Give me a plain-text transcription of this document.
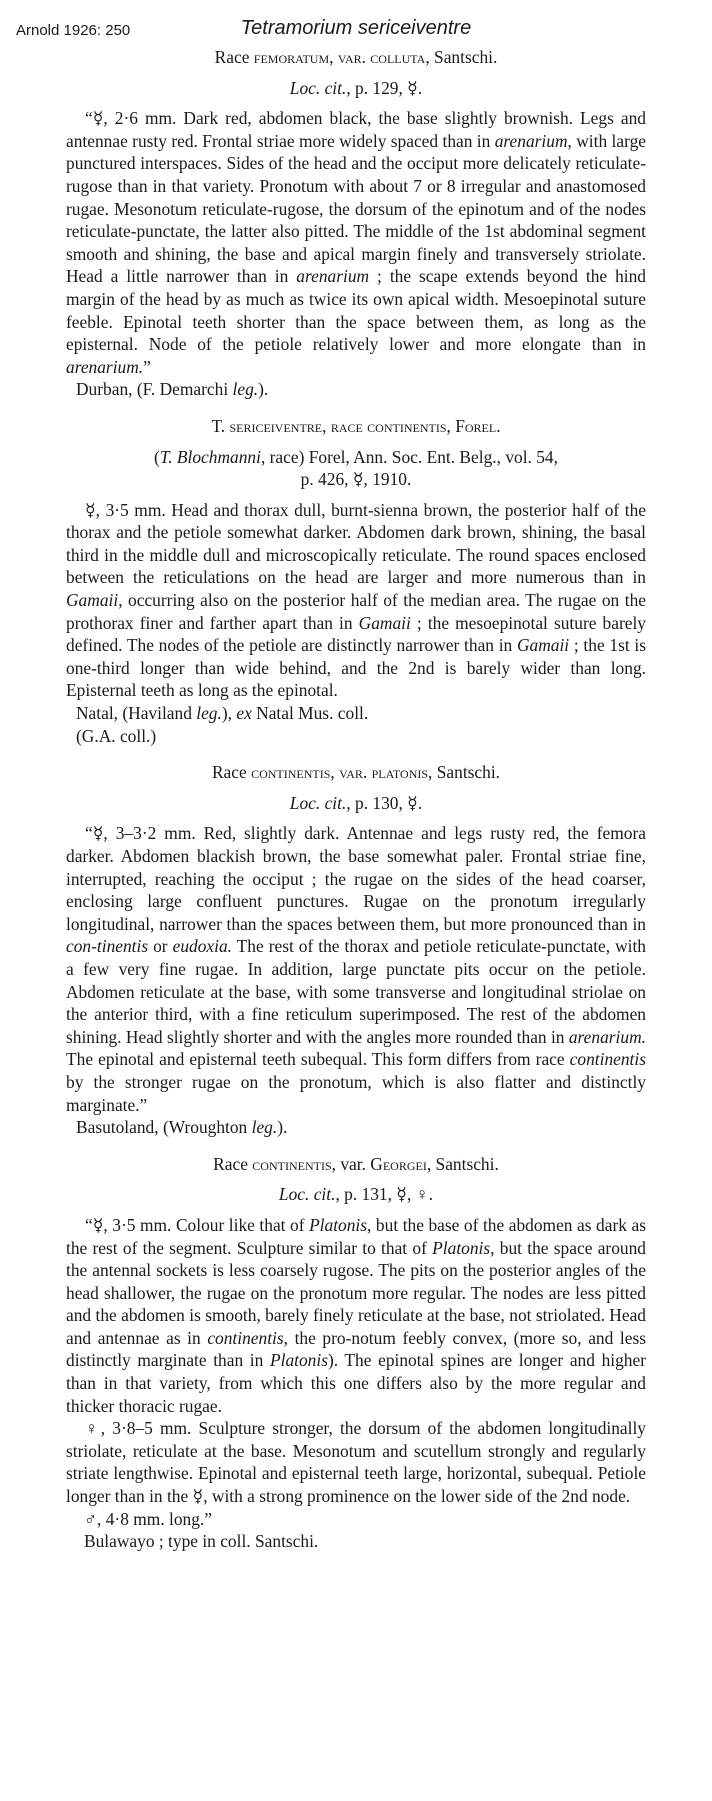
Arnold 1926: 250	Tetramorium sericeiventre

Race femoratum, var. colluta, Santschi.

Loc. cit., p. 129, ☿.

“☿, 2·6 mm. Dark red, abdomen black, the base slightly brownish. Legs and antennae rusty red. Frontal striae more widely spaced than in arenarium, with large punctured interspaces. Sides of the head and the occiput more delicately reticulate-rugose than in that variety. Pronotum with about 7 or 8 irregular and anastomosed rugae. Mesonotum reticulate-rugose, the dorsum of the epinotum and of the nodes reticulate-punctate, the latter also pitted. The middle of the 1st abdominal segment smooth and shining, the base and apical margin finely and transversely striolate. Head a little narrower than in arenarium ; the scape extends beyond the hind margin of the head by as much as twice its own apical width. Mesoepinotal suture feeble. Epinotal teeth shorter than the space between them, as long as the episternal. Node of the petiole relatively lower and more elongate than in arenarium.”

Durban, (F. Demarchi leg.).

T. sericeiventre, race continentis, Forel.

(T. Blochmanni, race) Forel, Ann. Soc. Ent. Belg., vol. 54,
p. 426, ☿, 1910.

☿, 3·5 mm. Head and thorax dull, burnt-sienna brown, the posterior half of the thorax and the petiole somewhat darker. Abdomen dark brown, shining, the basal third in the middle dull and microscopically reticulate. The round spaces enclosed between the reticulations on the head are larger and more numerous than in Gamaii, occurring also on the posterior half of the median area. The rugae on the prothorax finer and farther apart than in Gamaii ; the mesoepinotal suture barely defined. The nodes of the petiole are distinctly narrower than in Gamaii ; the 1st is one-third longer than wide behind, and the 2nd is barely wider than long. Episternal teeth as long as the epinotal.

Natal, (Haviland leg.), ex Natal Mus. coll.

(G.A. coll.)

Race continentis, var. platonis, Santschi.

Loc. cit., p. 130, ☿.

“☿, 3–3·2 mm. Red, slightly dark. Antennae and legs rusty red, the femora darker. Abdomen blackish brown, the base somewhat paler. Frontal striae fine, interrupted, reaching the occiput ; the rugae on the sides of the head coarser, enclosing large confluent punctures. Rugae on the pronotum irregularly longitudinal, narrower than the spaces between them, but more pronounced than in con-tinentis or eudoxia. The rest of the thorax and petiole reticulate-punctate, with a few very fine rugae. In addition, large punctate pits occur on the petiole. Abdomen reticulate at the base, with some transverse and longitudinal striolae on the anterior third, with a fine reticulum superimposed. The rest of the abdomen shining. Head slightly shorter and with the angles more rounded than in arenarium. The epinotal and episternal teeth subequal. This form differs from race continentis by the stronger rugae on the pronotum, which is also flatter and distinctly marginate.”

Basutoland, (Wroughton leg.).

Race continentis, var. Georgei, Santschi.

Loc. cit., p. 131, ☿, ♀.

“☿, 3·5 mm. Colour like that of Platonis, but the base of the abdomen as dark as the rest of the segment. Sculpture similar to that of Platonis, but the space around the antennal sockets is less coarsely rugose. The pits on the posterior angles of the head shallower, the rugae on the pronotum more regular. The nodes are less pitted and the abdomen is smooth, barely finely reticulate at the base, not striolated. Head and antennae as in continentis, the pro-notum feebly convex, (more so, and less distinctly marginate than in Platonis). The epinotal spines are longer and higher than in that variety, from which this one differs also by the more regular and thicker thoracic rugae.

♀, 3·8–5 mm. Sculpture stronger, the dorsum of the abdomen longitudinally striolate, reticulate at the base. Mesonotum and scutellum strongly and regularly striate lengthwise. Epinotal and episternal teeth large, horizontal, subequal. Petiole longer than in the ☿, with a strong prominence on the lower side of the 2nd node.

♂, 4·8 mm. long.”

Bulawayo ; type in coll. Santschi.
